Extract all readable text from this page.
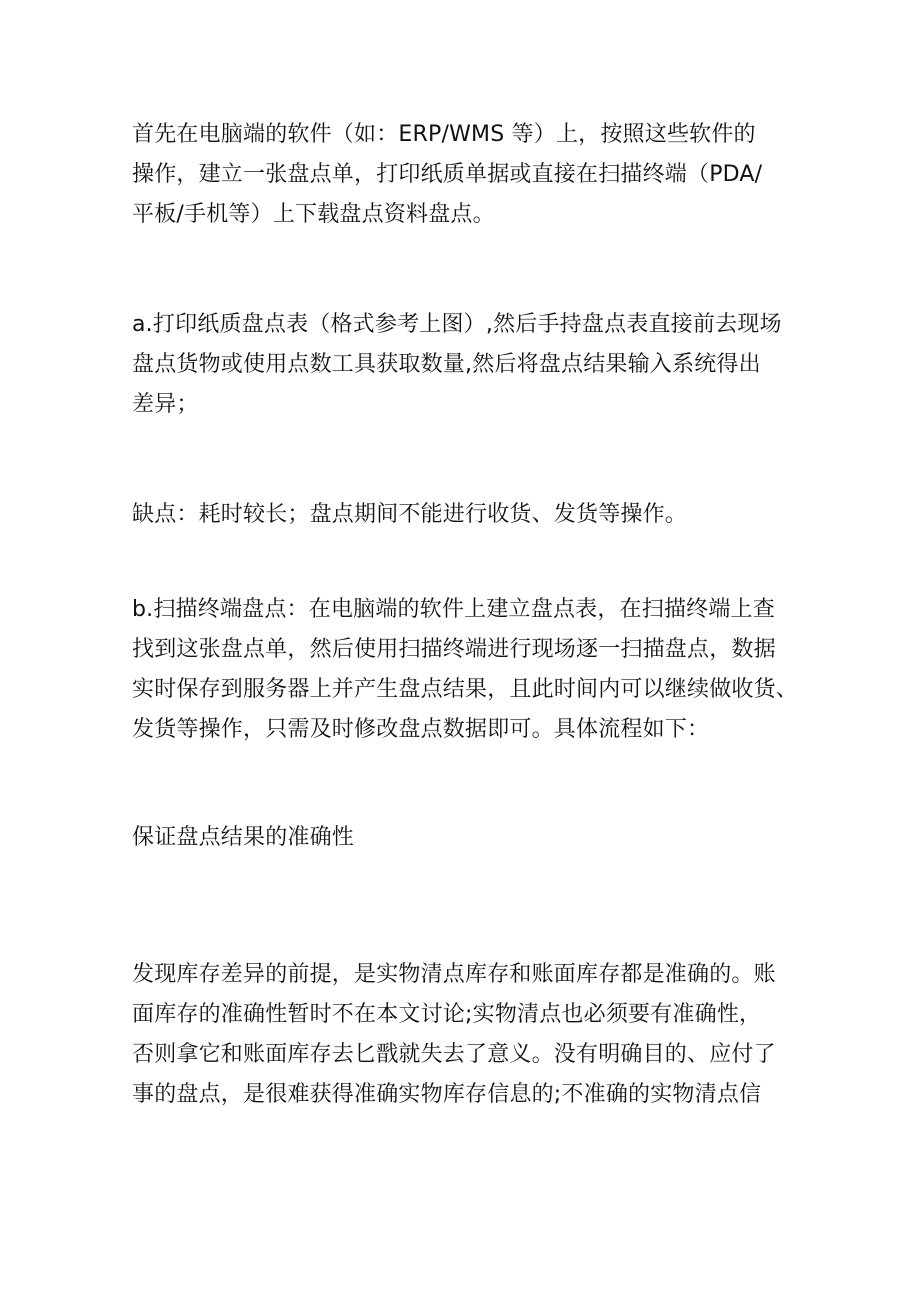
首先在电脑端的软件（如：ERP/WMS 等）上，按照这些软件的
操作，建立一张盘点单，打印纸质单据或直接在扫描终端（PDA/
平板/手机等）上下载盘点资料盘点。
a.打印纸质盘点表（格式参考上图）,然后手持盘点表直接前去现场
盘点货物或使用点数工具获取数量,然后将盘点结果输入系统得出
差异；
缺点：耗时较长；盘点期间不能进行收货、发货等操作。
b.扫描终端盘点：在电脑端的软件上建立盘点表，在扫描终端上查
找到这张盘点单，然后使用扫描终端进行现场逐一扫描盘点，数据
实时保存到服务器上并产生盘点结果，且此时间内可以继续做收货、
发货等操作，只需及时修改盘点数据即可。具体流程如下：
保证盘点结果的准确性
发现库存差异的前提，是实物清点库存和账面库存都是准确的。账
面库存的准确性暂时不在本文讨论;实物清点也必须要有准确性，
否则拿它和账面库存去匕戬就失去了意义。没有明确目的、应付了
事的盘点，是很难获得准确实物库存信息的;不准确的实物清点信
